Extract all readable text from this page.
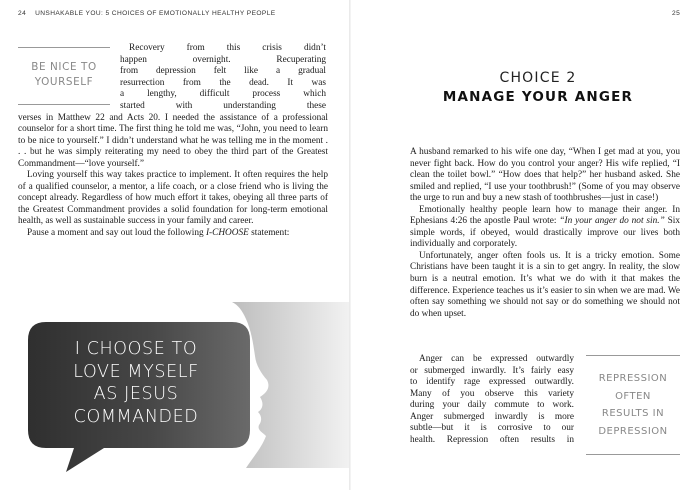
24 UNSHAKABLE YOU: 5 CHOICES OF EMOTIONALLY HEALTHY PEOPLE
BE NICE TO
YOURSELF
Recovery from this crisis didn’t
happen overnight. Recuperating
from depression felt like a gradual
resurrection from the dead. It was
a lengthy, difficult process which
started with understanding these

verses in Matthew 22 and Acts 20. I needed the assistance of a professional counselor for a short time. The first thing he told me was, “John, you need to learn to be nice to yourself.” I didn’t understand what he was telling me in the moment . . . but he was simply reiterating my need to obey the third part of the Greatest Commandment—“love yourself.”

Loving yourself this way takes practice to implement. It often requires the help of a qualified counselor, a mentor, a life coach, or a close friend who is living the concept already. Regardless of how much effort it takes, obeying all three parts of the Greatest Commandment provides a solid foundation for long-term emotional health, as well as sustainable success in your family and career.

Pause a moment and say out loud the following I-CHOOSE statement:

I CHOOSE TO
LOVE MYSELF
AS JESUS
COMMANDED
25
CHOICE 2
MANAGE YOUR ANGER

A husband remarked to his wife one day, “When I get mad at you, you never fight back. How do you control your anger? His wife replied, “I clean the toilet bowl.” “How does that help?” her husband asked. She smiled and replied, “I use your toothbrush!” (Some of you may observe the urge to run and buy a new stash of toothbrushes—just in case!)

Emotionally healthy people learn how to manage their anger. In Ephesians 4:26 the apostle Paul wrote: “In your anger do not sin.” Six simple words, if obeyed, would drastically improve our lives both individually and corporately.

Unfortunately, anger often fools us. It is a tricky emotion. Some Christians have been taught it is a sin to get angry. In reality, the slow burn is a neutral emotion. It’s what we do with it that makes the difference. Experience teaches us it’s easier to sin when we are mad. We often say something we should not say or do something we should not do when upset.

Anger can be expressed outwardly
or submerged inwardly. It’s fairly easy
to identify rage expressed outwardly.
Many of you observe this variety
during your daily commute to work.
Anger submerged inwardly is more
subtle—but it is corrosive to our
health. Repression often results in
REPRESSION
OFTEN
RESULTS IN
DEPRESSION
